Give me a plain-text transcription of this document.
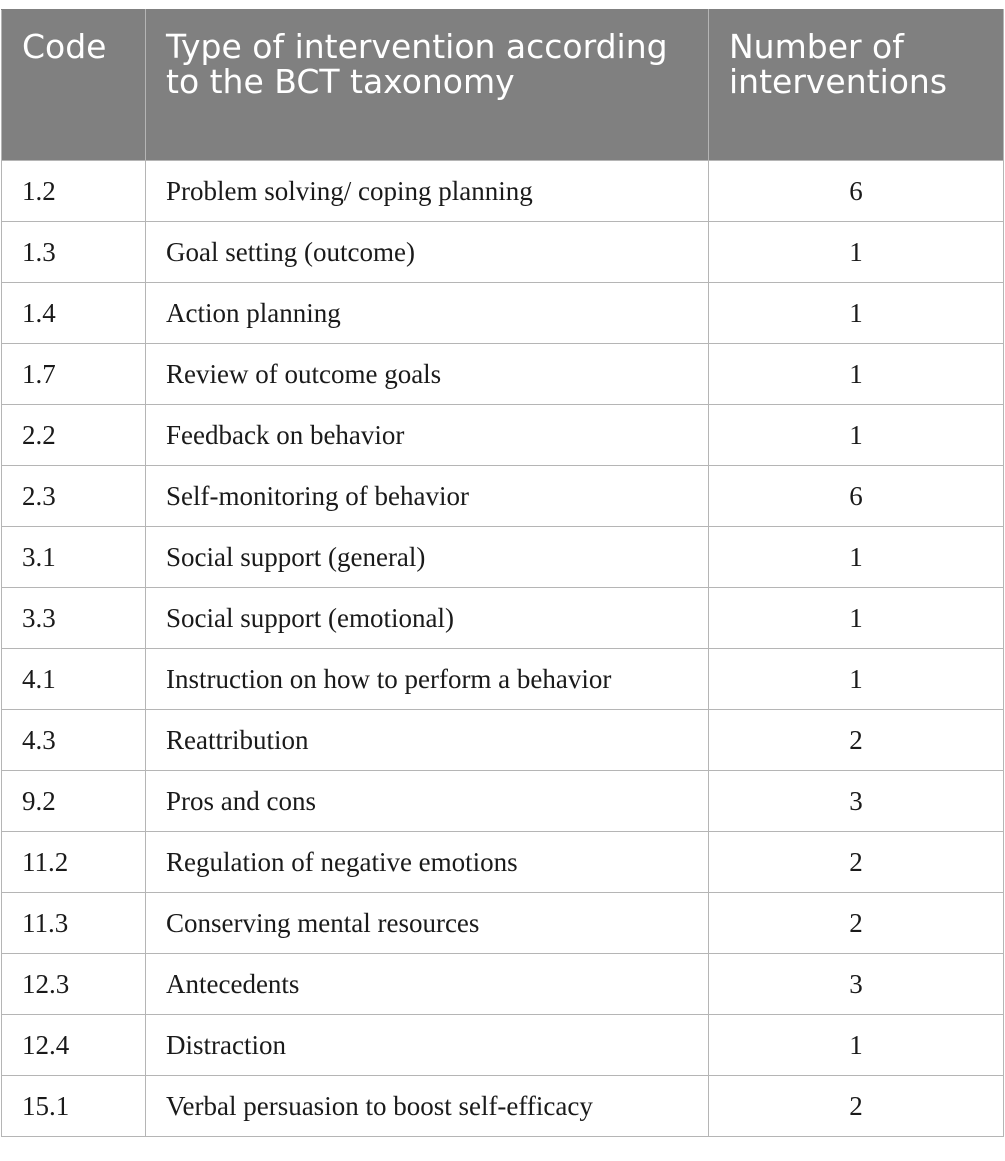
Code	Type of intervention according to the BCT taxonomy	Number of interventions
1.2	Problem solving/ coping planning	6
1.3	Goal setting (outcome)	1
1.4	Action planning	1
1.7	Review of outcome goals	1
2.2	Feedback on behavior	1
2.3	Self-monitoring of behavior	6
3.1	Social support (general)	1
3.3	Social support (emotional)	1
4.1	Instruction on how to perform a behavior	1
4.3	Reattribution	2
9.2	Pros and cons	3
11.2	Regulation of negative emotions	2
11.3	Conserving mental resources	2
12.3	Antecedents	3
12.4	Distraction	1
15.1	Verbal persuasion to boost self-efficacy	2
